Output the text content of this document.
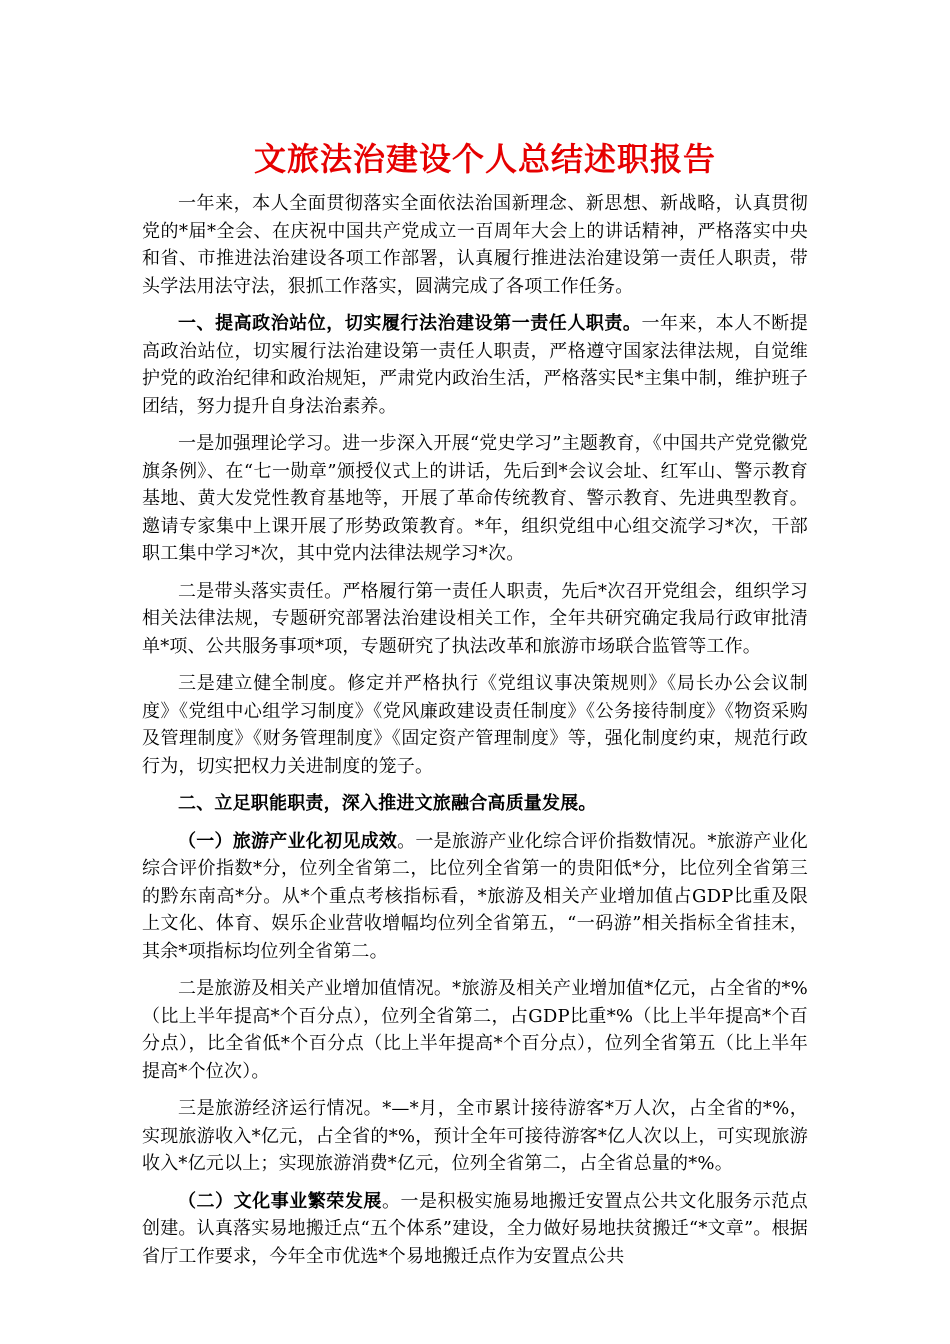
文旅法治建设个人总结述职报告

一年来，本人全面贯彻落实全面依法治国新理念、新思想、新战略，认真贯彻党的*届*全会、在庆祝中国共产党成立一百周年大会上的讲话精神，严格落实中央和省、市推进法治建设各项工作部署，认真履行推进法治建设第一责任人职责，带头学法用法守法，狠抓工作落实，圆满完成了各项工作任务。

一、提高政治站位，切实履行法治建设第一责任人职责。一年来，本人不断提高政治站位，切实履行法治建设第一责任人职责，严格遵守国家法律法规，自觉维护党的政治纪律和政治规矩，严肃党内政治生活，严格落实民*主集中制，维护班子团结，努力提升自身法治素养。

一是加强理论学习。进一步深入开展“党史学习”主题教育，《中国共产党党徽党旗条例》、在“七一勋章”颁授仪式上的讲话，先后到*会议会址、红军山、警示教育基地、黄大发党性教育基地等，开展了革命传统教育、警示教育、先进典型教育。邀请专家集中上课开展了形势政策教育。*年，组织党组中心组交流学习*次，干部职工集中学习*次，其中党内法律法规学习*次。

二是带头落实责任。严格履行第一责任人职责，先后*次召开党组会，组织学习相关法律法规，专题研究部署法治建设相关工作，全年共研究确定我局行政审批清单*项、公共服务事项*项，专题研究了执法改革和旅游市场联合监管等工作。

三是建立健全制度。修定并严格执行《党组议事决策规则》《局长办公会议制度》《党组中心组学习制度》《党风廉政建设责任制度》《公务接待制度》《物资采购及管理制度》《财务管理制度》《固定资产管理制度》等，强化制度约束，规范行政行为，切实把权力关进制度的笼子。

二、立足职能职责，深入推进文旅融合高质量发展。

（一）旅游产业化初见成效。一是旅游产业化综合评价指数情况。*旅游产业化综合评价指数*分，位列全省第二，比位列全省第一的贵阳低*分，比位列全省第三的黔东南高*分。从*个重点考核指标看，*旅游及相关产业增加值占GDP比重及限上文化、体育、娱乐企业营收增幅均位列全省第五，“一码游”相关指标全省挂末，其余*项指标均位列全省第二。

二是旅游及相关产业增加值情况。*旅游及相关产业增加值*亿元，占全省的*%（比上半年提高*个百分点），位列全省第二，占GDP比重*%（比上半年提高*个百分点），比全省低*个百分点（比上半年提高*个百分点），位列全省第五（比上半年提高*个位次）。

三是旅游经济运行情况。*—*月，全市累计接待游客*万人次，占全省的*%，实现旅游收入*亿元，占全省的*%，预计全年可接待游客*亿人次以上，可实现旅游收入*亿元以上；实现旅游消费*亿元，位列全省第二，占全省总量的*%。

（二）文化事业繁荣发展。一是积极实施易地搬迁安置点公共文化服务示范点创建。认真落实易地搬迁点“五个体系”建设，全力做好易地扶贫搬迁“*文章”。根据省厅工作要求，今年全市优选*个易地搬迁点作为安置点公共
